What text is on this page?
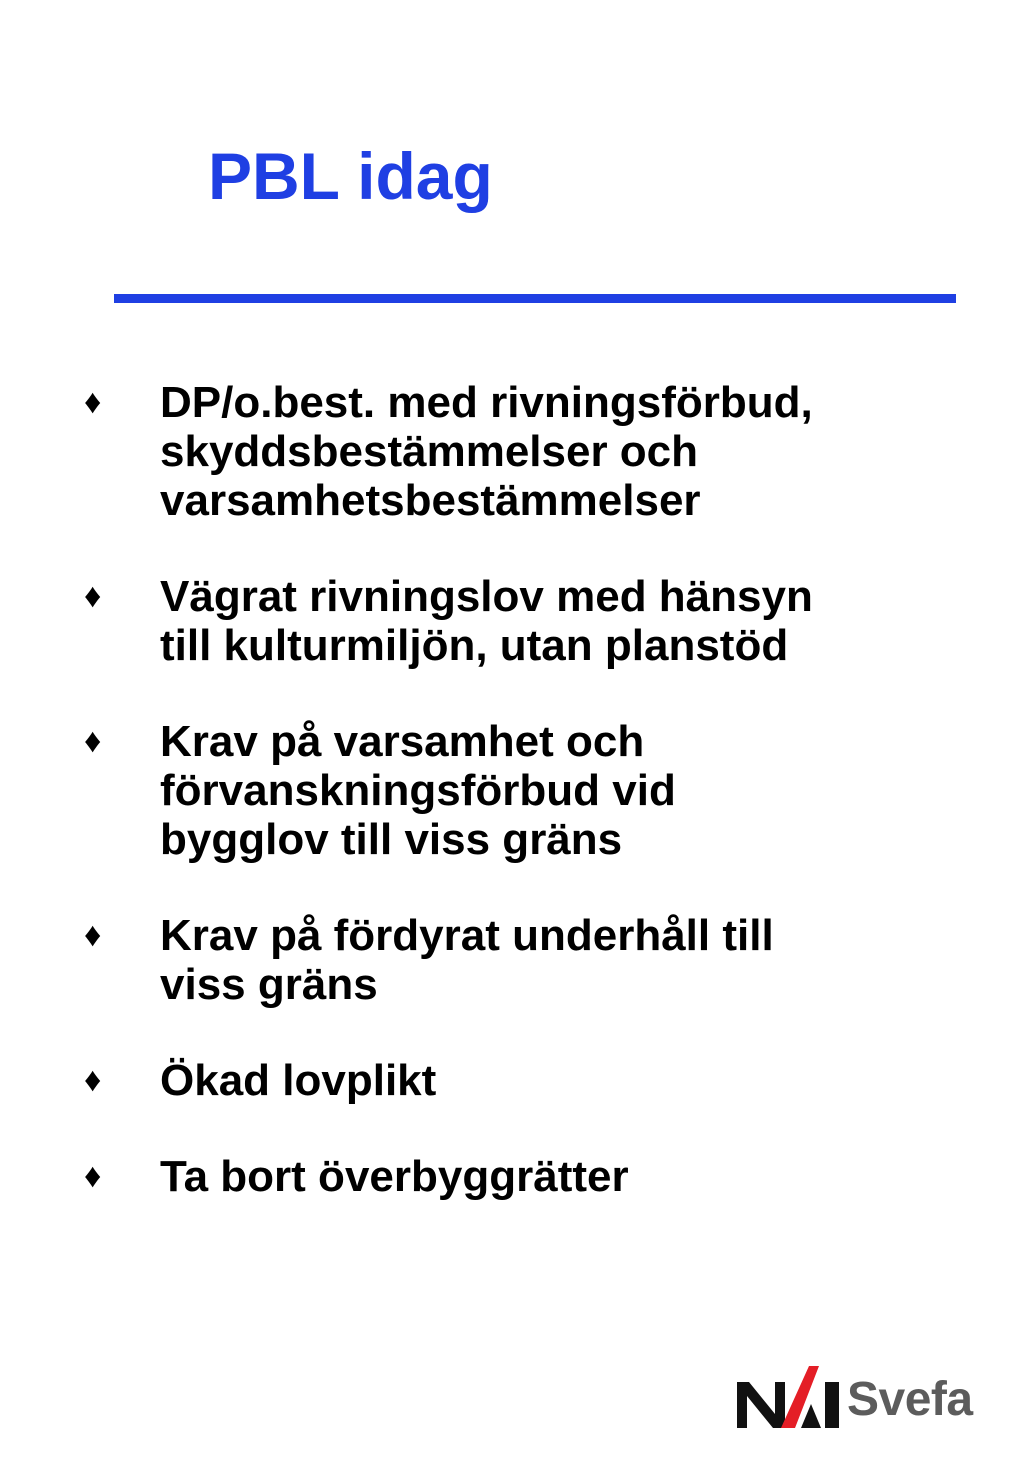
PBL idag
♦	DP/o.best. med rivningsförbud,
skyddsbestämmelser och
varsamhetsbestämmelser
♦	Vägrat rivningslov med hänsyn
till kulturmiljön, utan planstöd
♦	Krav på varsamhet och
förvanskningsförbud vid
bygglov till viss gräns
♦	Krav på fördyrat underhåll till
viss gräns
♦	Ökad lovplikt
♦	Ta bort överbyggrätter
Svefa
